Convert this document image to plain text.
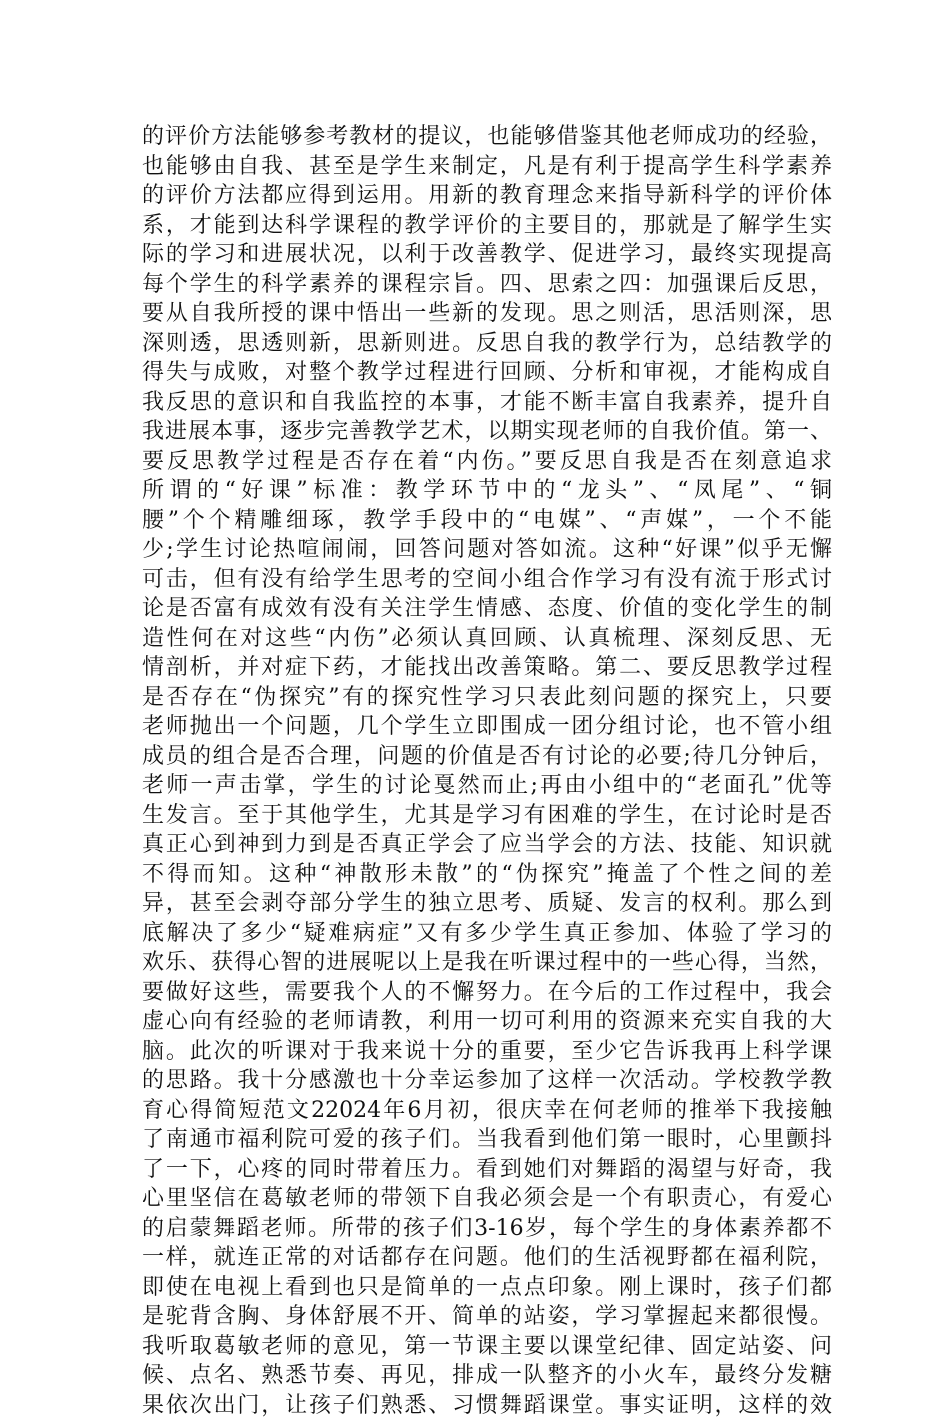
的评价方法能够参考教材的提议，也能够借鉴其他老师成功的经验，
也能够由自我、甚至是学生来制定，凡是有利于提高学生科学素养
的评价方法都应得到运用。用新的教育理念来指导新科学的评价体
系，才能到达科学课程的教学评价的主要目的，那就是了解学生实
际的学习和进展状况，以利于改善教学、促进学习，最终实现提高
每个学生的科学素养的课程宗旨。四、思索之四：加强课后反思，
要从自我所授的课中悟出一些新的发现。思之则活，思活则深，思
深则透，思透则新，思新则进。反思自我的教学行为，总结教学的
得失与成败，对整个教学过程进行回顾、分析和审视，才能构成自
我反思的意识和自我监控的本事，才能不断丰富自我素养，提升自
我进展本事，逐步完善教学艺术，以期实现老师的自我价值。第一、
要反思教学过程是否存在着“内伤。”要反思自我是否在刻意追求
所谓的“好课”标准：教学环节中的“龙头”、“凤尾”、“铜
腰”个个精雕细琢，教学手段中的“电媒”、“声媒”，一个不能
少;学生讨论热喧闹闹，回答问题对答如流。这种“好课”似乎无懈
可击，但有没有给学生思考的空间小组合作学习有没有流于形式讨
论是否富有成效有没有关注学生情感、态度、价值的变化学生的制
造性何在对这些“内伤”必须认真回顾、认真梳理、深刻反思、无
情剖析，并对症下药，才能找出改善策略。第二、要反思教学过程
是否存在“伪探究”有的探究性学习只表此刻问题的探究上，只要
老师抛出一个问题，几个学生立即围成一团分组讨论，也不管小组
成员的组合是否合理，问题的价值是否有讨论的必要;待几分钟后，
老师一声击掌，学生的讨论戛然而止;再由小组中的“老面孔”优等
生发言。至于其他学生，尤其是学习有困难的学生，在讨论时是否
真正心到神到力到是否真正学会了应当学会的方法、技能、知识就
不得而知。这种“神散形未散”的“伪探究”掩盖了个性之间的差
异，甚至会剥夺部分学生的独立思考、质疑、发言的权利。那么到
底解决了多少“疑难病症”又有多少学生真正参加、体验了学习的
欢乐、获得心智的进展呢以上是我在听课过程中的一些心得，当然，
要做好这些，需要我个人的不懈努力。在今后的工作过程中，我会
虚心向有经验的老师请教，利用一切可利用的资源来充实自我的大
脑。此次的听课对于我来说十分的重要，至少它告诉我再上科学课
的思路。我十分感激也十分幸运参加了这样一次活动。学校教学教
育心得简短范文22024年6月初，很庆幸在何老师的推举下我接触
了南通市福利院可爱的孩子们。当我看到他们第一眼时，心里颤抖
了一下，心疼的同时带着压力。看到她们对舞蹈的渴望与好奇，我
心里坚信在葛敏老师的带领下自我必须会是一个有职责心，有爱心
的启蒙舞蹈老师。所带的孩子们3-16岁，每个学生的身体素养都不
一样，就连正常的对话都存在问题。他们的生活视野都在福利院，
即使在电视上看到也只是简单的一点点印象。刚上课时，孩子们都
是驼背含胸、身体舒展不开、简单的站姿，学习掌握起来都很慢。
我听取葛敏老师的意见，第一节课主要以课堂纪律、固定站姿、问
候、点名、熟悉节奏、再见，排成一队整齐的小火车，最终分发糖
果依次出门，让孩子们熟悉、习惯舞蹈课堂。事实证明，这样的效
